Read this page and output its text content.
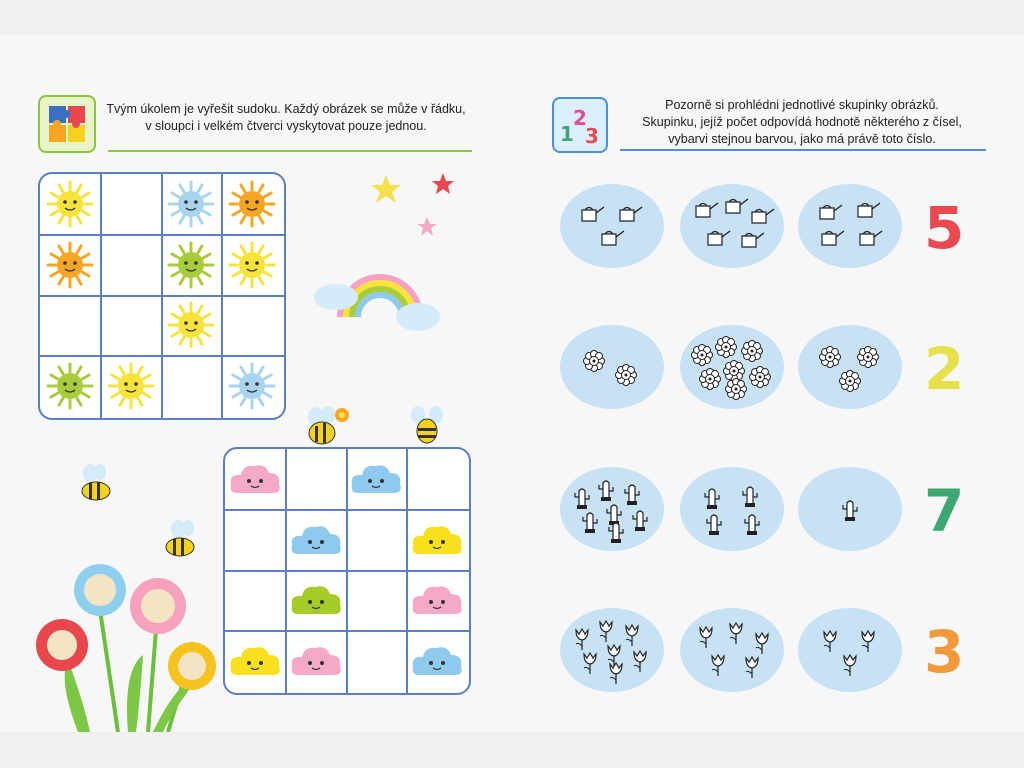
Tvým úkolem je vyřešit sudoku. Každý obrázek se může v řádku,
v sloupci i velkém čtverci vyskytovat pouze jednou.	1
2
3
Pozorně si prohlédni jednotlivé skupinky obrázků.
Skupinku, jejíž počet odpovídá hodnotě některého z čísel,
vybarvi stejnou barvou, jako má právě toto číslo.
5
2
7
3
